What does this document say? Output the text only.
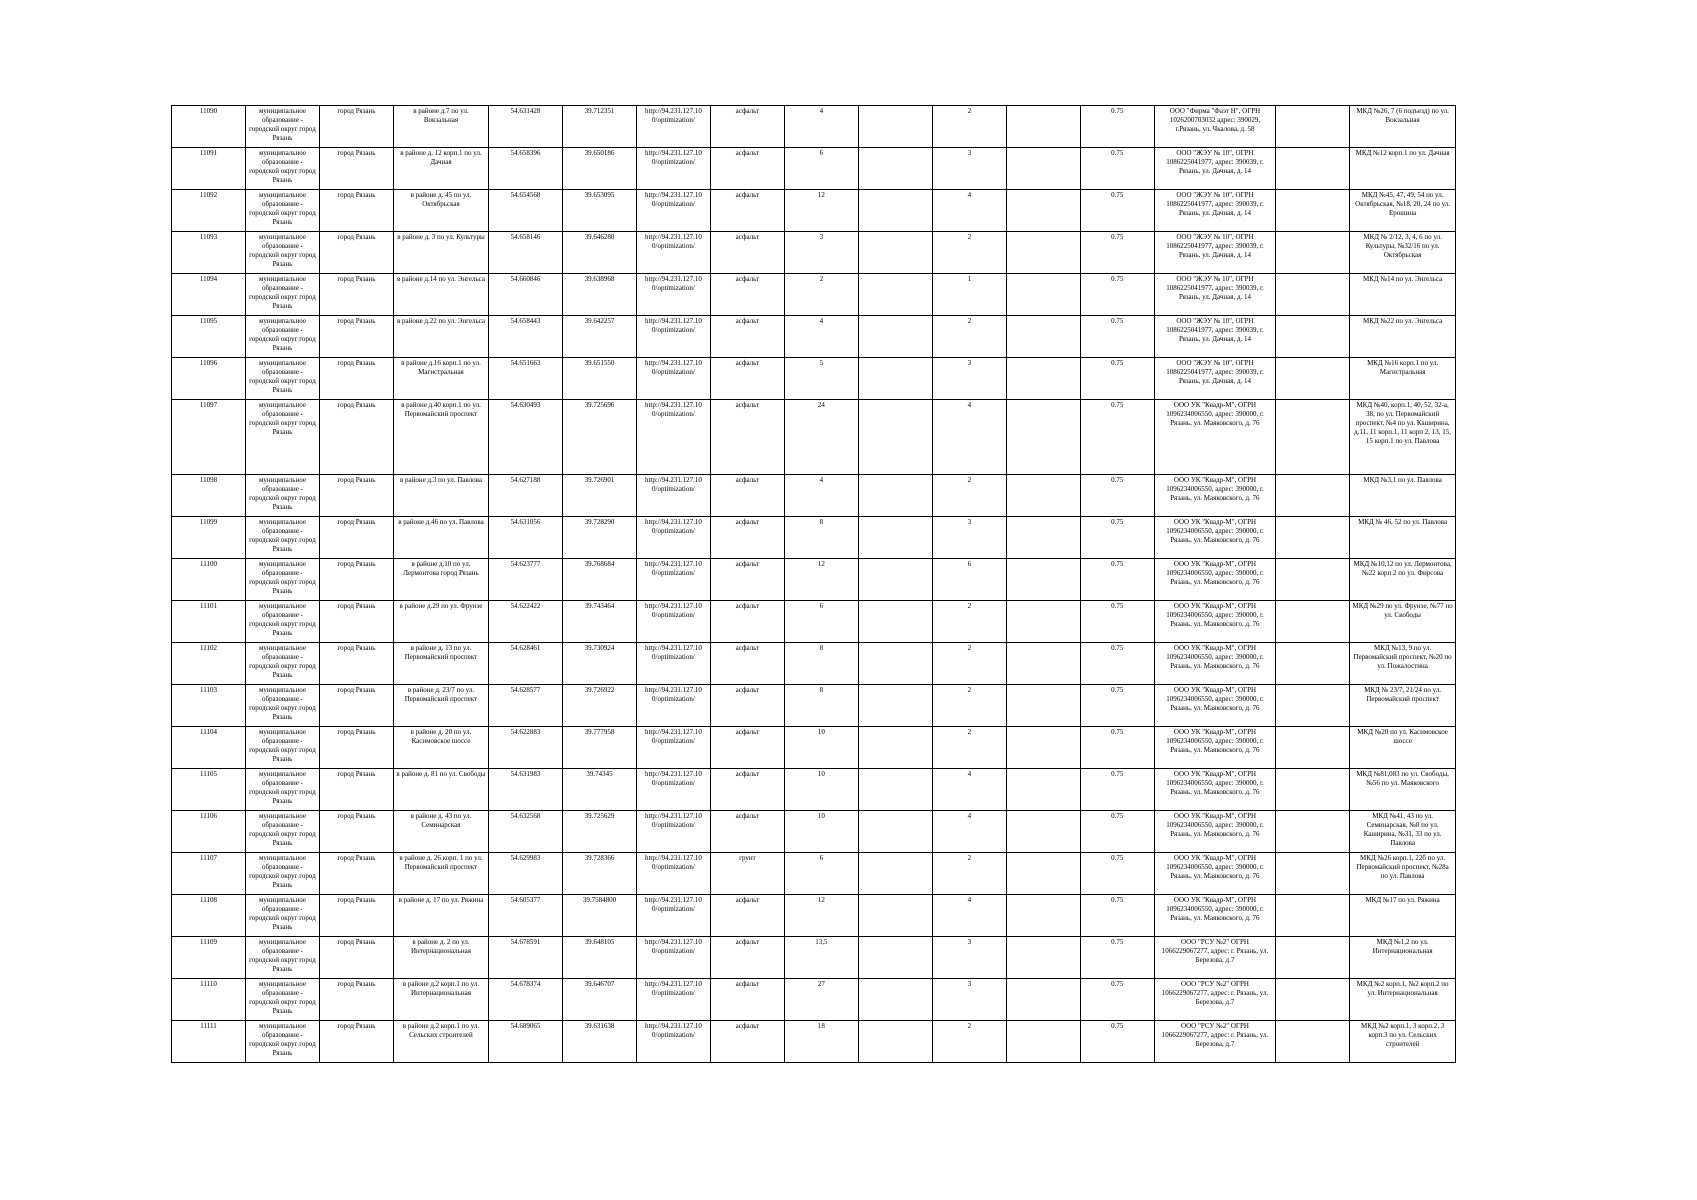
11090	муниципальное образование - городской округ город Рязань	город Рязань	в районе д.7 по ул. Вокзальная	54.631428	39.712351	http://94.231.127.10 0/optimization/	асфальт	4		2		0.75	ООО "Фирма "Фаэт Н", ОГРН 1026200703032 адрес: 390029, г.Рязань, ул. Чкалова, д. 58		МКД №26, 7 (6 подъезд) по ул. Вокзальная
11091	муниципальное образование - городской округ город Рязань	город Рязань	в районе д. 12 корп.1 по ул. Дачная	54.658396	39.650186	http://94.231.127.10 0/optimization/	асфальт	6		3		0.75	ООО "ЖЭУ № 10", ОГРН 1086225041977, адрес: 390039, г. Рязань, ул. Дачная, д. 14		МКД №12 корп.1 по ул. Дачная
11092	муниципальное образование - городской округ город Рязань	город Рязань	в районе д. 45 по ул. Октябрьская	54.654568	39.653095	http://94.231.127.10 0/optimization/	асфальт	12		4		0.75	ООО "ЖЭУ № 10", ОГРН 1086225041977, адрес: 390039, г. Рязань, ул. Дачная, д. 14		МКД №45, 47, 49, 54 по ул. Октябрьская, №18, 20, 24 по ул. Ерошина
11093	муниципальное образование - городской округ город Рязань	город Рязань	в районе д. 3 по ул. Культуры	54.658146	39.646280	http://94.231.127.10 0/optimization/	асфальт	3		2		0.75	ООО "ЖЭУ № 10", ОГРН 1086225041977, адрес: 390039, г. Рязань, ул. Дачная, д. 14		МКД № 2/12, 3, 4, 6 по ул. Культуры, №32/16 по ул. Октябрьская
11094	муниципальное образование - городской округ город Рязань	город Рязань	в районе д.14 по ул. Энгельса	54.660846	39.638968	http://94.231.127.10 0/optimization/	асфальт	2		1		0.75	ООО "ЖЭУ № 10", ОГРН 1086225041977, адрес: 390039, г. Рязань, ул. Дачная, д. 14		МКД №14 по ул. Энгельса
11095	муниципальное образование - городской округ город Рязань	город Рязань	в районе д.22 по ул. Энгельса	54.658443	39.642257	http://94.231.127.10 0/optimization/	асфальт	4		2		0.75	ООО "ЖЭУ № 10", ОГРН 1086225041977, адрес: 390039, г. Рязань, ул. Дачная, д. 14		МКД №22 по ул. Энгельса
11096	муниципальное образование - городской округ город Рязань	город Рязань	в районе д.16 корп.1 по ул. Магистральная	54.651663	39.651550	http://94.231.127.10 0/optimization/	асфальт	5		3		0.75	ООО "ЖЭУ № 10", ОГРН 1086225041977, адрес: 390039, г. Рязань, ул. Дачная, д. 14		МКД №16 корп.1 по ул. Магистральная
11097	муниципальное образование - городской округ город Рязань	город Рязань	в районе д.40 корп.1 по ул. Первомайский проспект	54.630493	39.725696	http://94.231.127.10 0/optimization/	асфальт	24		4		0.75	ООО УК "Квадр-М", ОГРН 1096234006550, адрес: 390000, г. Рязань, ул. Маяковского, д. 76		МКД №40, корп.1, 40, 52, 32-а, 38, по ул. Первомайский проспект, №4 по ул. Каширина, д.11, 11 корп.1, 11 корп 2, 13, 15, 15 корп.1 по ул. Павлова
11098	муниципальное образование - городской округ город Рязань	город Рязань	в районе д.3 по ул. Павлова	54.627188	39.726901	http://94.231.127.10 0/optimization/	асфальт	4		2		0.75	ООО УК "Квадр-М", ОГРН 1096234006550, адрес: 390000, г. Рязань, ул. Маяковского, д. 76		МКД №3,1 по ул. Павлова
11099	муниципальное образование - городской округ город Рязань	город Рязань	в районе д.46 по ул. Павлова	54.631056	39.728290	http://94.231.127.10 0/optimization/	асфальт	8		3		0.75	ООО УК "Квадр-М", ОГРН 1096234006550, адрес: 390000, г. Рязань, ул. Маяковского, д. 76		МКД № 46, 52 по ул. Павлова
11100	муниципальное образование - городской округ город Рязань	город Рязань	в районе д.10 по ул. Лермонтова город Рязань	54.623777	39.768684	http://94.231.127.10 0/optimization/	асфальт	12		6		0.75	ООО УК "Квадр-М", ОГРН 1096234006550, адрес: 390000, г. Рязань, ул. Маяковского, д. 76		МКД №10,12 по ул. Лермонтова, №22 корп 2 по ул. Фирсова
11101	муниципальное образование - городской округ город Рязань	город Рязань	в районе д.29 по ул. Фрунзе	54.622422	39.743464	http://94.231.127.10 0/optimization/	асфальт	6		2		0.75	ООО УК "Квадр-М", ОГРН 1096234006550, адрес: 390000, г. Рязань, ул. Маяковского, д. 76		МКД №29 по ул. Фрунзе, №77 по ул. Свободы
11102	муниципальное образование - городской округ город Рязань	город Рязань	в районе д. 13 по ул. Первомайский проспект	54.628461	39.730924	http://94.231.127.10 0/optimization/	асфальт	8		2		0.75	ООО УК "Квадр-М", ОГРН 1096234006550, адрес: 390000, г. Рязань, ул. Маяковского, д. 76		МКД №13, 9 по ул. Первомайский проспект, №20 по ул. Пожалостина
11103	муниципальное образование - городской округ город Рязань	город Рязань	в районе д. 23/7 по ул. Первомайский проспект	54.628577	39.726922	http://94.231.127.10 0/optimization/	асфальт	8		2		0.75	ООО УК "Квадр-М", ОГРН 1096234006550, адрес: 390000, г. Рязань, ул. Маяковского, д. 76		МКД № 23/7, 21/24 по ул. Первомайский проспект
11104	муниципальное образование - городской округ город Рязань	город Рязань	в районе д. 20 по ул. Касимовское шоссе	54.622883	39.777958	http://94.231.127.10 0/optimization/	асфальт	10		2		0.75	ООО УК "Квадр-М", ОГРН 1096234006550, адрес: 390000, г. Рязань, ул. Маяковского, д. 76		МКД №20 по ул. Касимовское шоссе
11105	муниципальное образование - городской округ город Рязань	город Рязань	в районе д. 81 по ул. Свободы	54.631983	39.74345	http://94.231.127.10 0/optimization/	асфальт	10		4		0.75	ООО УК "Квадр-М", ОГРН 1096234006550, адрес: 390000, г. Рязань, ул. Маяковского, д. 76		МКД №81,083 по ул. Свободы, №56 по ул. Маяковского
11106	муниципальное образование - городской округ город Рязань	город Рязань	в районе д. 43 по ул. Семинарская	54.632568	39.725629	http://94.231.127.10 0/optimization/	асфальт	10		4		0.75	ООО УК "Квадр-М", ОГРН 1096234006550, адрес: 390000, г. Рязань, ул. Маяковского, д. 76		МКД №41, 43 по ул. Семинарская, №8 по ул. Каширина, №31, 33 по ул. Павлова
11107	муниципальное образование - городской округ город Рязань	город Рязань	в районе д. 26 корп. 1 по ул. Первомайский проспект	54.629983	39.728366	http://94.231.127.10 0/optimization/	грунт	6		2		0.75	ООО УК "Квадр-М", ОГРН 1096234006550, адрес: 390000, г. Рязань, ул. Маяковского, д. 76		МКД №26 корп.1, 22б по ул. Первомайский проспект, №28а по ул. Павлова
11108	муниципальное образование - городской округ город Рязань	город Рязань	в районе д. 17 по ул. Ряжина	54.605377	39.7584800	http://94.231.127.10 0/optimization/	асфальт	12		4		0.75	ООО УК "Квадр-М", ОГРН 1096234006550, адрес: 390000, г. Рязань, ул. Маяковского, д. 76		МКД №17 по ул. Ряжина
11109	муниципальное образование - городской округ город Рязань	город Рязань	в районе д. 2 по ул. Интернациональная	54.678591	39.648105	http://94.231.127.10 0/optimization/	асфальт	13,5		3		0.75	ООО "РСУ №2" ОГРН 1066229067277, адрес: г. Рязань, ул. Березова, д.7		МКД №1,2 по ул. Интернациональная
11110	муниципальное образование - городской округ город Рязань	город Рязань	в районе д.2 корп.1 по ул. Интернациональная	54.678374	39.646707	http://94.231.127.10 0/optimization/	асфальт	27		3		0.75	ООО "РСУ №2" ОГРН 1066229067277, адрес: г. Рязань, ул. Березова, д.7		МКД №2 корп.1, №2 корп.2 по ул. Интернациональная
11111	муниципальное образование - городской округ город Рязань	город Рязань	в районе д.2 корп.1 по ул. Сельских строителей	54.689065	39.631638	http://94.231.127.10 0/optimization/	асфальт	18		2		0.75	ООО "РСУ №2" ОГРН 1066229067277, адрес: г. Рязань, ул. Березова, д.7		МКД №2 корп.1, 3 корп.2, 3 корп.3 по ул. Сельских строителей
